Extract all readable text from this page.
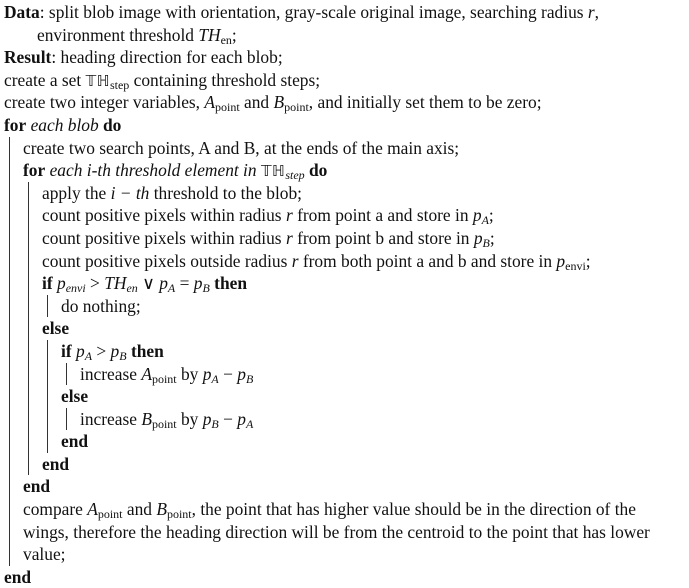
Data: split blob image with orientation, gray-scale original image, searching radius r,
environment threshold $TH_{en}$;
Result: heading direction for each blob;
create a set 𝕋ℍ$_{step}$ containing threshold steps;
create two integer variables, $A_{point}$ and $B_{point}$, and initially set them to be zero;
for each blob do
create two search points, A and B, at the ends of the main axis;
for each i-th threshold element in 𝕋ℍ$_{step}$ do
apply the i − th threshold to the blob;
count positive pixels within radius r from point a and store in $p_A$;
count positive pixels within radius r from point b and store in $p_B$;
count positive pixels outside radius r from both point a and b and store in $p_{envi}$;
if $p_{envi} > TH_{en}$ ∨ $p_A = p_B$ then
do nothing;
else
if $p_A > p_B$ then
increase $A_{point}$ by $p_A - p_B$
else
increase $B_{point}$ by $p_B - p_A$
end
end
end
compare $A_{point}$ and $B_{point}$, the point that has higher value should be in the direction of the
wings, therefore the heading direction will be from the centroid to the point that has lower
value;
end
